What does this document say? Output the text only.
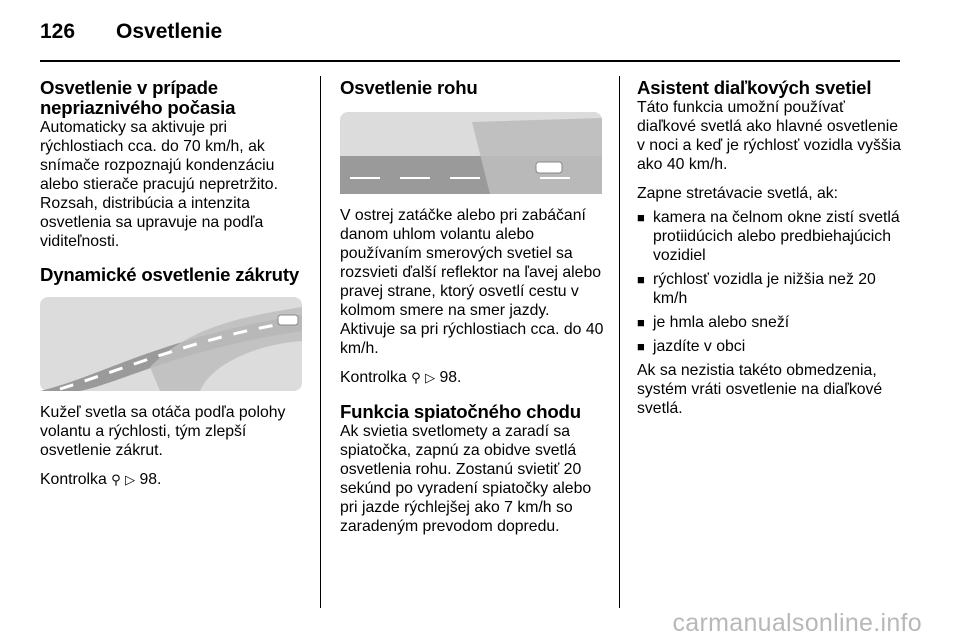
126 Osvetlenie
Osvetlenie v prípade nepriaznivého počasia

Automaticky sa aktivuje pri rýchlostiach cca. do 70 km/h, ak snímače rozpoznajú kondenzáciu alebo stierače pracujú nepretržito. Rozsah, distribúcia a intenzita osvetlenia sa upravuje na podľa viditeľnosti.

Dynamické osvetlenie zákruty

Kužeľ svetla sa otáča podľa polohy volantu a rýchlosti, tým zlepší osvetlenie zákrut.

Kontrolka ⚲ ▷ 98.

Osvetlenie rohu

V ostrej zatáčke alebo pri zabáčaní danom uhlom volantu alebo používaním smerových svetiel sa rozsvieti ďalší reflektor na ľavej alebo pravej strane, ktorý osvetlí cestu v kolmom smere na smer jazdy. Aktivuje sa pri rýchlostiach cca. do 40 km/h.

Kontrolka ⚲ ▷ 98.

Funkcia spiatočného chodu

Ak svietia svetlomety a zaradí sa spiatočka, zapnú za obidve svetlá osvetlenia rohu. Zostanú svietiť 20 sekúnd po vyradení spiatočky alebo pri jazde rýchlejšej ako 7 km/h so zaradeným prevodom dopredu.

Asistent diaľkových svetiel

Táto funkcia umožní používať diaľkové svetlá ako hlavné osvetlenie v noci a keď je rýchlosť vozidla vyššia ako 40 km/h.

Zapne stretávacie svetlá, ak:

■ kamera na čelnom okne zistí svetlá protiidúcich alebo predbiehajúcich vozidiel
■ rýchlosť vozidla je nižšia než 20 km/h
■ je hmla alebo sneží
■ jazdíte v obci

Ak sa nezistia takéto obmedzenia, systém vráti osvetlenie na diaľkové svetlá.

carmanualsonline.info
